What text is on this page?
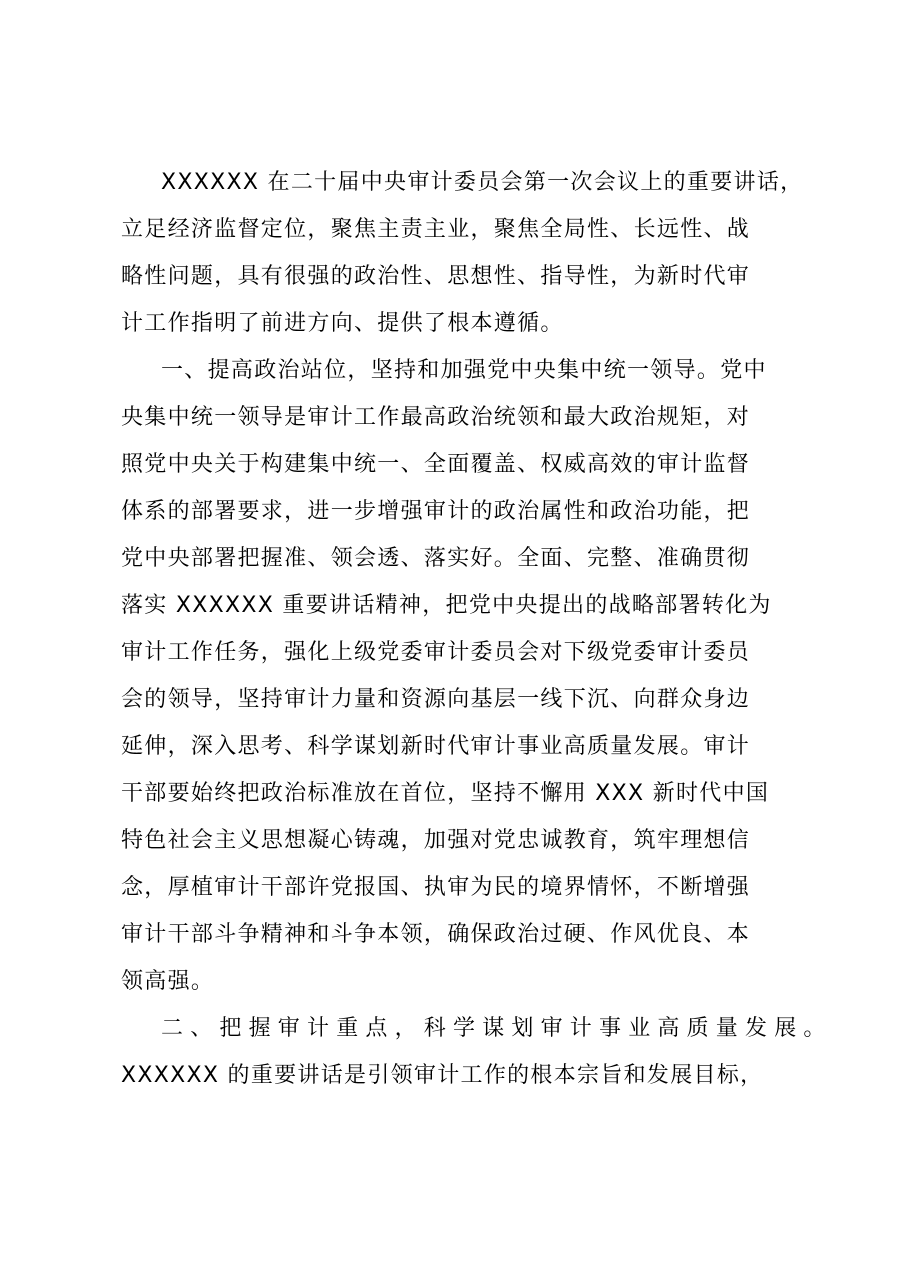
XXXXXX 在二十届中央审计委员会第一次会议上的重要讲话，
立足经济监督定位，聚焦主责主业，聚焦全局性、长远性、战
略性问题，具有很强的政治性、思想性、指导性，为新时代审
计工作指明了前进方向、提供了根本遵循。
一、提高政治站位，坚持和加强党中央集中统一领导。党中
央集中统一领导是审计工作最高政治统领和最大政治规矩，对
照党中央关于构建集中统一、全面覆盖、权威高效的审计监督
体系的部署要求，进一步增强审计的政治属性和政治功能，把
党中央部署把握准、领会透、落实好。全面、完整、准确贯彻
落实 XXXXXX 重要讲话精神，把党中央提出的战略部署转化为
审计工作任务，强化上级党委审计委员会对下级党委审计委员
会的领导，坚持审计力量和资源向基层一线下沉、向群众身边
延伸，深入思考、科学谋划新时代审计事业高质量发展。审计
干部要始终把政治标准放在首位，坚持不懈用 XXX 新时代中国
特色社会主义思想凝心铸魂，加强对党忠诚教育，筑牢理想信
念，厚植审计干部许党报国、执审为民的境界情怀，不断增强
审计干部斗争精神和斗争本领，确保政治过硬、作风优良、本
领高强。
二、把握审计重点，科学谋划审计事业高质量发展。
XXXXXX 的重要讲话是引领审计工作的根本宗旨和发展目标，
